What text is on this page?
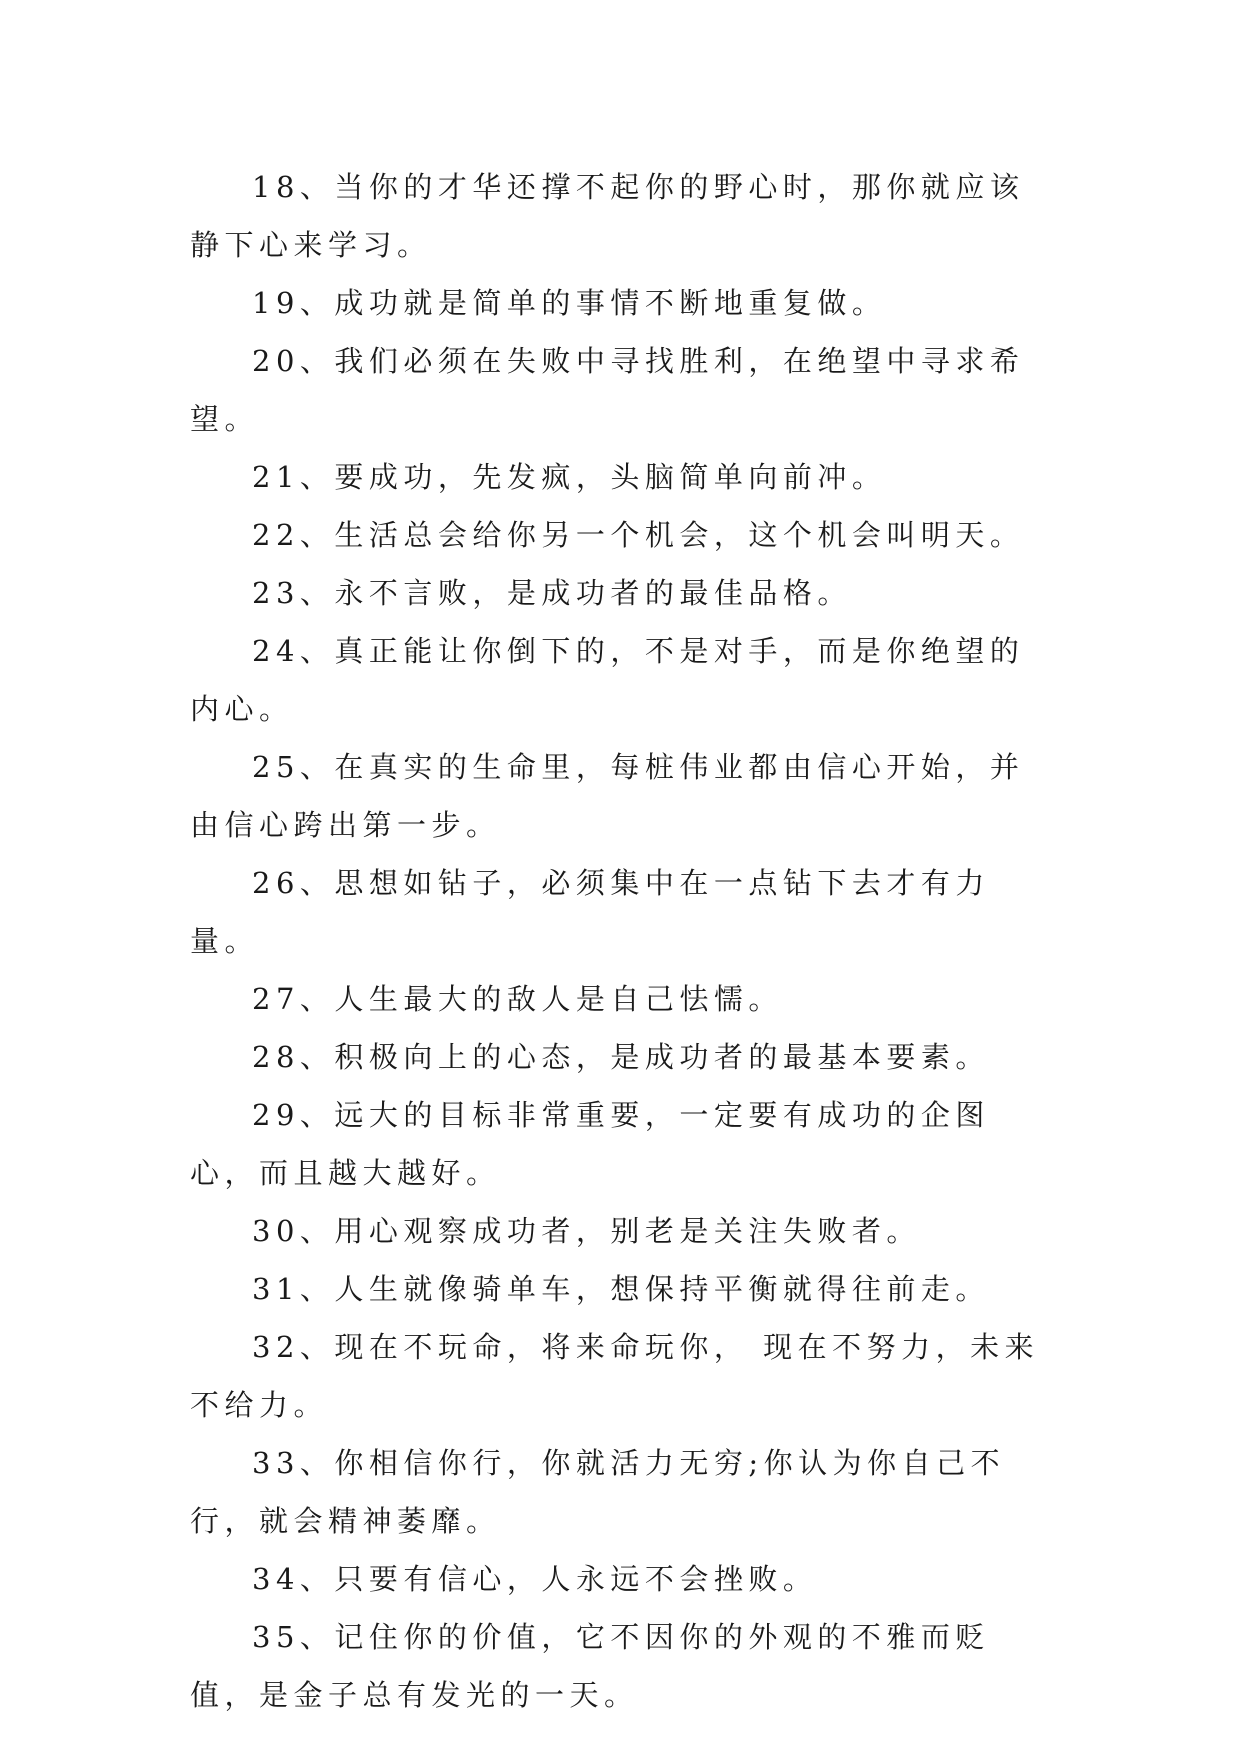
18、当你的才华还撑不起你的野心时，那你就应该静下心来学习。

19、成功就是简单的事情不断地重复做。

20、我们必须在失败中寻找胜利，在绝望中寻求希望。

21、要成功，先发疯，头脑简单向前冲。

22、生活总会给你另一个机会，这个机会叫明天。

23、永不言败，是成功者的最佳品格。

24、真正能让你倒下的，不是对手，而是你绝望的内心。

25、在真实的生命里，每桩伟业都由信心开始，并由信心跨出第一步。

26、思想如钻子，必须集中在一点钻下去才有力量。

27、人生最大的敌人是自己怯懦。

28、积极向上的心态，是成功者的最基本要素。

29、远大的目标非常重要，一定要有成功的企图心，而且越大越好。

30、用心观察成功者，别老是关注失败者。

31、人生就像骑单车，想保持平衡就得往前走。

32、现在不玩命，将来命玩你， 现在不努力，未来不给力。

33、你相信你行，你就活力无穷;你认为你自己不行，就会精神萎靡。

34、只要有信心，人永远不会挫败。

35、记住你的价值，它不因你的外观的不雅而贬值，是金子总有发光的一天。
